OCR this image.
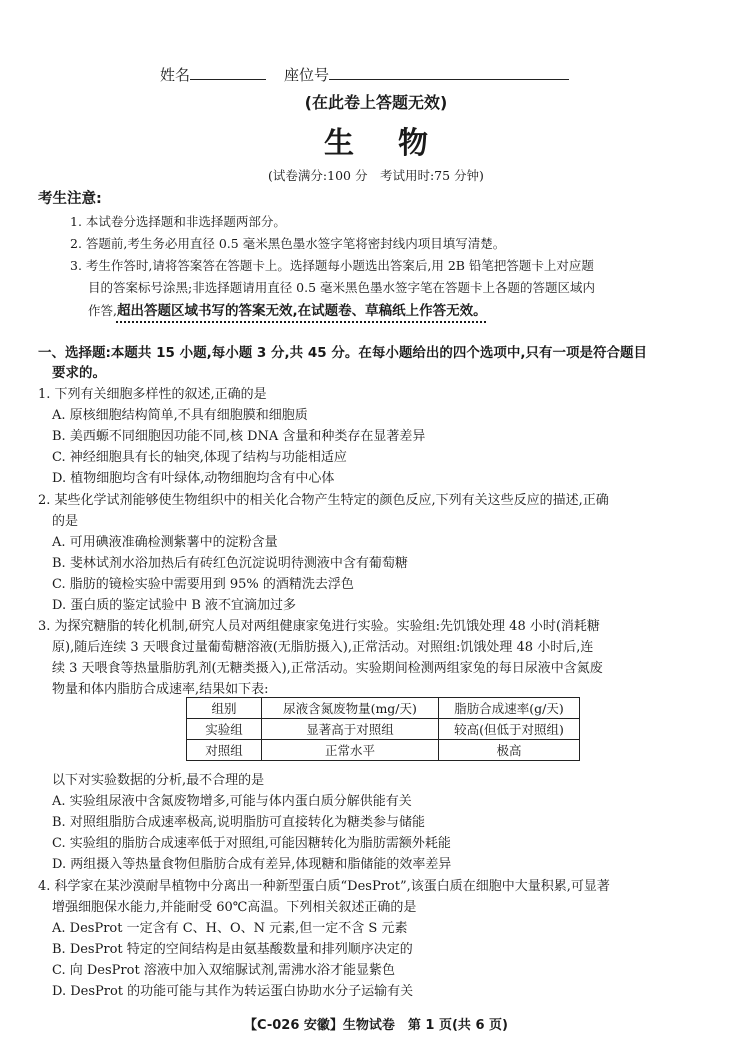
姓名	座位号
(在此卷上答题无效)
生物
(试卷满分:100 分　考试用时:75 分钟)
考生注意:
1. 本试卷分选择题和非选择题两部分。
2. 答题前,考生务必用直径 0.5 毫米黑色墨水签字笔将密封线内项目填写清楚。
3. 考生作答时,请将答案答在答题卡上。选择题每小题选出答案后,用 2B 铅笔把答题卡上对应题
目的答案标号涂黑;非选择题请用直径 0.5 毫米黑色墨水签字笔在答题卡上各题的答题区域内
作答,超出答题区域书写的答案无效,在试题卷、草稿纸上作答无效。
一、选择题:本题共 15 小题,每小题 3 分,共 45 分。在每小题给出的四个选项中,只有一项是符合题目
要求的。
1. 下列有关细胞多样性的叙述,正确的是
A. 原核细胞结构简单,不具有细胞膜和细胞质
B. 美西螈不同细胞因功能不同,核 DNA 含量和种类存在显著差异
C. 神经细胞具有长的轴突,体现了结构与功能相适应
D. 植物细胞均含有叶绿体,动物细胞均含有中心体
2. 某些化学试剂能够使生物组织中的相关化合物产生特定的颜色反应,下列有关这些反应的描述,正确
的是
A. 可用碘液准确检测紫薯中的淀粉含量
B. 斐林试剂水浴加热后有砖红色沉淀说明待测液中含有葡萄糖
C. 脂肪的镜检实验中需要用到 95% 的酒精洗去浮色
D. 蛋白质的鉴定试验中 B 液不宜滴加过多
3. 为探究糖脂的转化机制,研究人员对两组健康家兔进行实验。实验组:先饥饿处理 48 小时(消耗糖
原),随后连续 3 天喂食过量葡萄糖溶液(无脂肪摄入),正常活动。对照组:饥饿处理 48 小时后,连
续 3 天喂食等热量脂肪乳剂(无糖类摄入),正常活动。实验期间检测两组家兔的每日尿液中含氮废
物量和体内脂肪合成速率,结果如下表:
组别	尿液含氮废物量(mg/天)	脂肪合成速率(g/天)
实验组	显著高于对照组	较高(但低于对照组)
对照组	正常水平	极高
以下对实验数据的分析,最不合理的是
A. 实验组尿液中含氮废物增多,可能与体内蛋白质分解供能有关
B. 对照组脂肪合成速率极高,说明脂肪可直接转化为糖类参与储能
C. 实验组的脂肪合成速率低于对照组,可能因糖转化为脂肪需额外耗能
D. 两组摄入等热量食物但脂肪合成有差异,体现糖和脂储能的效率差异
4. 科学家在某沙漠耐旱植物中分离出一种新型蛋白质“DesProt”,该蛋白质在细胞中大量积累,可显著
增强细胞保水能力,并能耐受 60℃高温。下列相关叙述正确的是
A. DesProt 一定含有 C、H、O、N 元素,但一定不含 S 元素
B. DesProt 特定的空间结构是由氨基酸数量和排列顺序决定的
C. 向 DesProt 溶液中加入双缩脲试剂,需沸水浴才能显紫色
D. DesProt 的功能可能与其作为转运蛋白协助水分子运输有关
【C-026 安徽】生物试卷　第 1 页(共 6 页)
